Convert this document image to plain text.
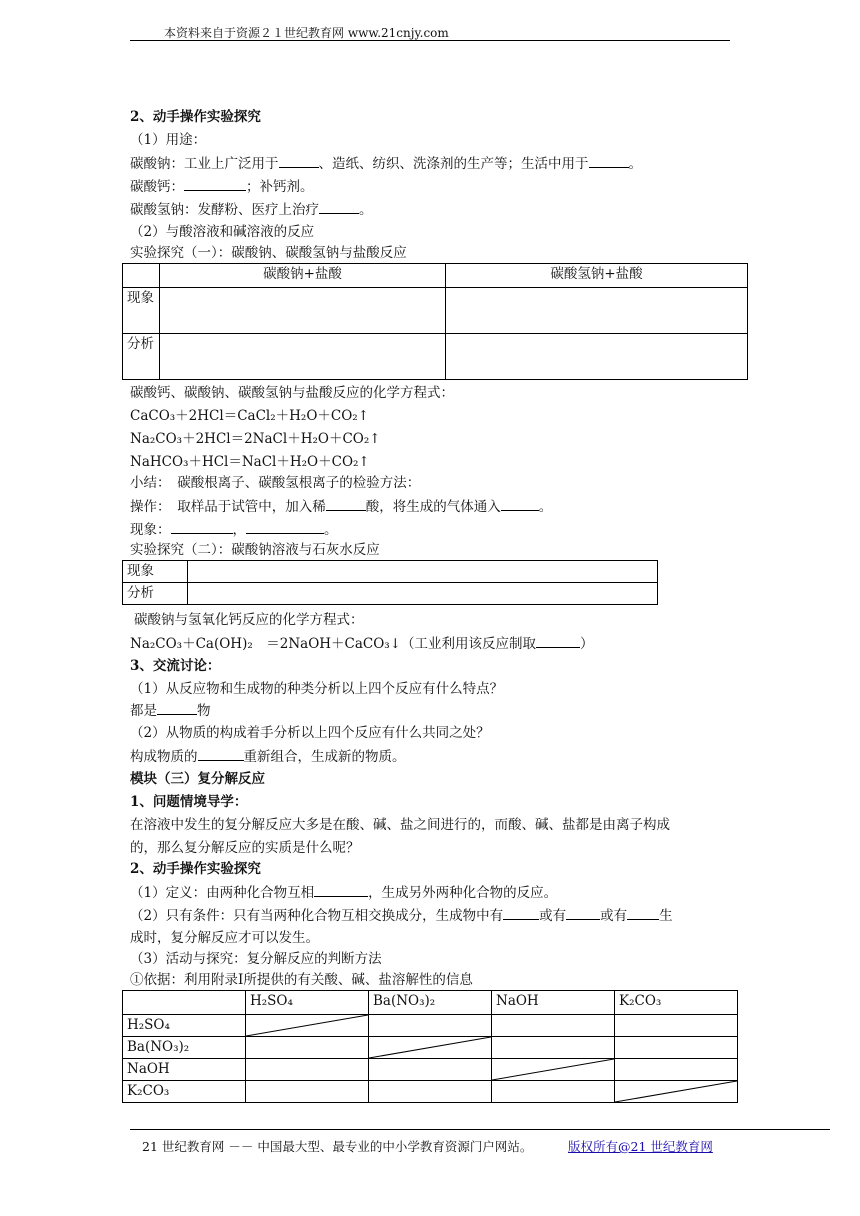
本资料来自于资源２１世纪教育网 www.21cnjy.com
2、动手操作实验探究
（1）用途：
碳酸钠：工业上广泛用于	、造纸、纺织、洗涤剂的生产等；生活中用于	。
碳酸钙：	；补钙剂。
碳酸氢钠：发酵粉、医疗上治疗	。
（2）与酸溶液和碱溶液的反应
实验探究（一）：碳酸钠、碳酸氢钠与盐酸反应
	碳酸钠+盐酸	碳酸氢钠+盐酸
现象		
分析		
碳酸钙、碳酸钠、碳酸氢钠与盐酸反应的化学方程式：
CaCO₃＋2HCl＝CaCl₂＋H₂O＋CO₂↑
Na₂CO₃＋2HCl＝2NaCl＋H₂O＋CO₂↑
NaHCO₃＋HCl＝NaCl＋H₂O＋CO₂↑
小结：　碳酸根离子、碳酸氢根离子的检验方法：
操作：　取样品于试管中，加入稀	酸，将生成的气体通入	。
现象：	，	。
实验探究（二）：碳酸钠溶液与石灰水反应
现象	
分析	
碳酸钠与氢氧化钙反应的化学方程式：
Na₂CO₃＋Ca(OH)₂　＝2NaOH＋CaCO₃↓（工业利用该反应制取	）
3、交流讨论：
（1）从反应物和生成物的种类分析以上四个反应有什么特点？
都是	物
（2）从物质的构成着手分析以上四个反应有什么共同之处？
构成物质的	重新组合，生成新的物质。
模块（三）复分解反应
1、问题情境导学：
在溶液中发生的复分解反应大多是在酸、碱、盐之间进行的，而酸、碱、盐都是由离子构成
的，那么复分解反应的实质是什么呢？
2、动手操作实验探究
（1）定义：由两种化合物互相	，生成另外两种化合物的反应。
（2）只有条件：只有当两种化合物互相交换成分，生成物中有	或有	或有 生
成时，复分解反应才可以发生。
（3）活动与探究：复分解反应的判断方法
①依据：利用附录Ⅰ所提供的有关酸、碱、盐溶解性的信息
	H₂SO₄	Ba(NO₃)₂	NaOH	K₂CO₃
H₂SO₄	

Ba(NO₃)₂		

NaOH			

K₂CO₃				
21 世纪教育网 －－ 中国最大型、最专业的中小学教育资源门户网站。	版权所有@21 世纪教育网
